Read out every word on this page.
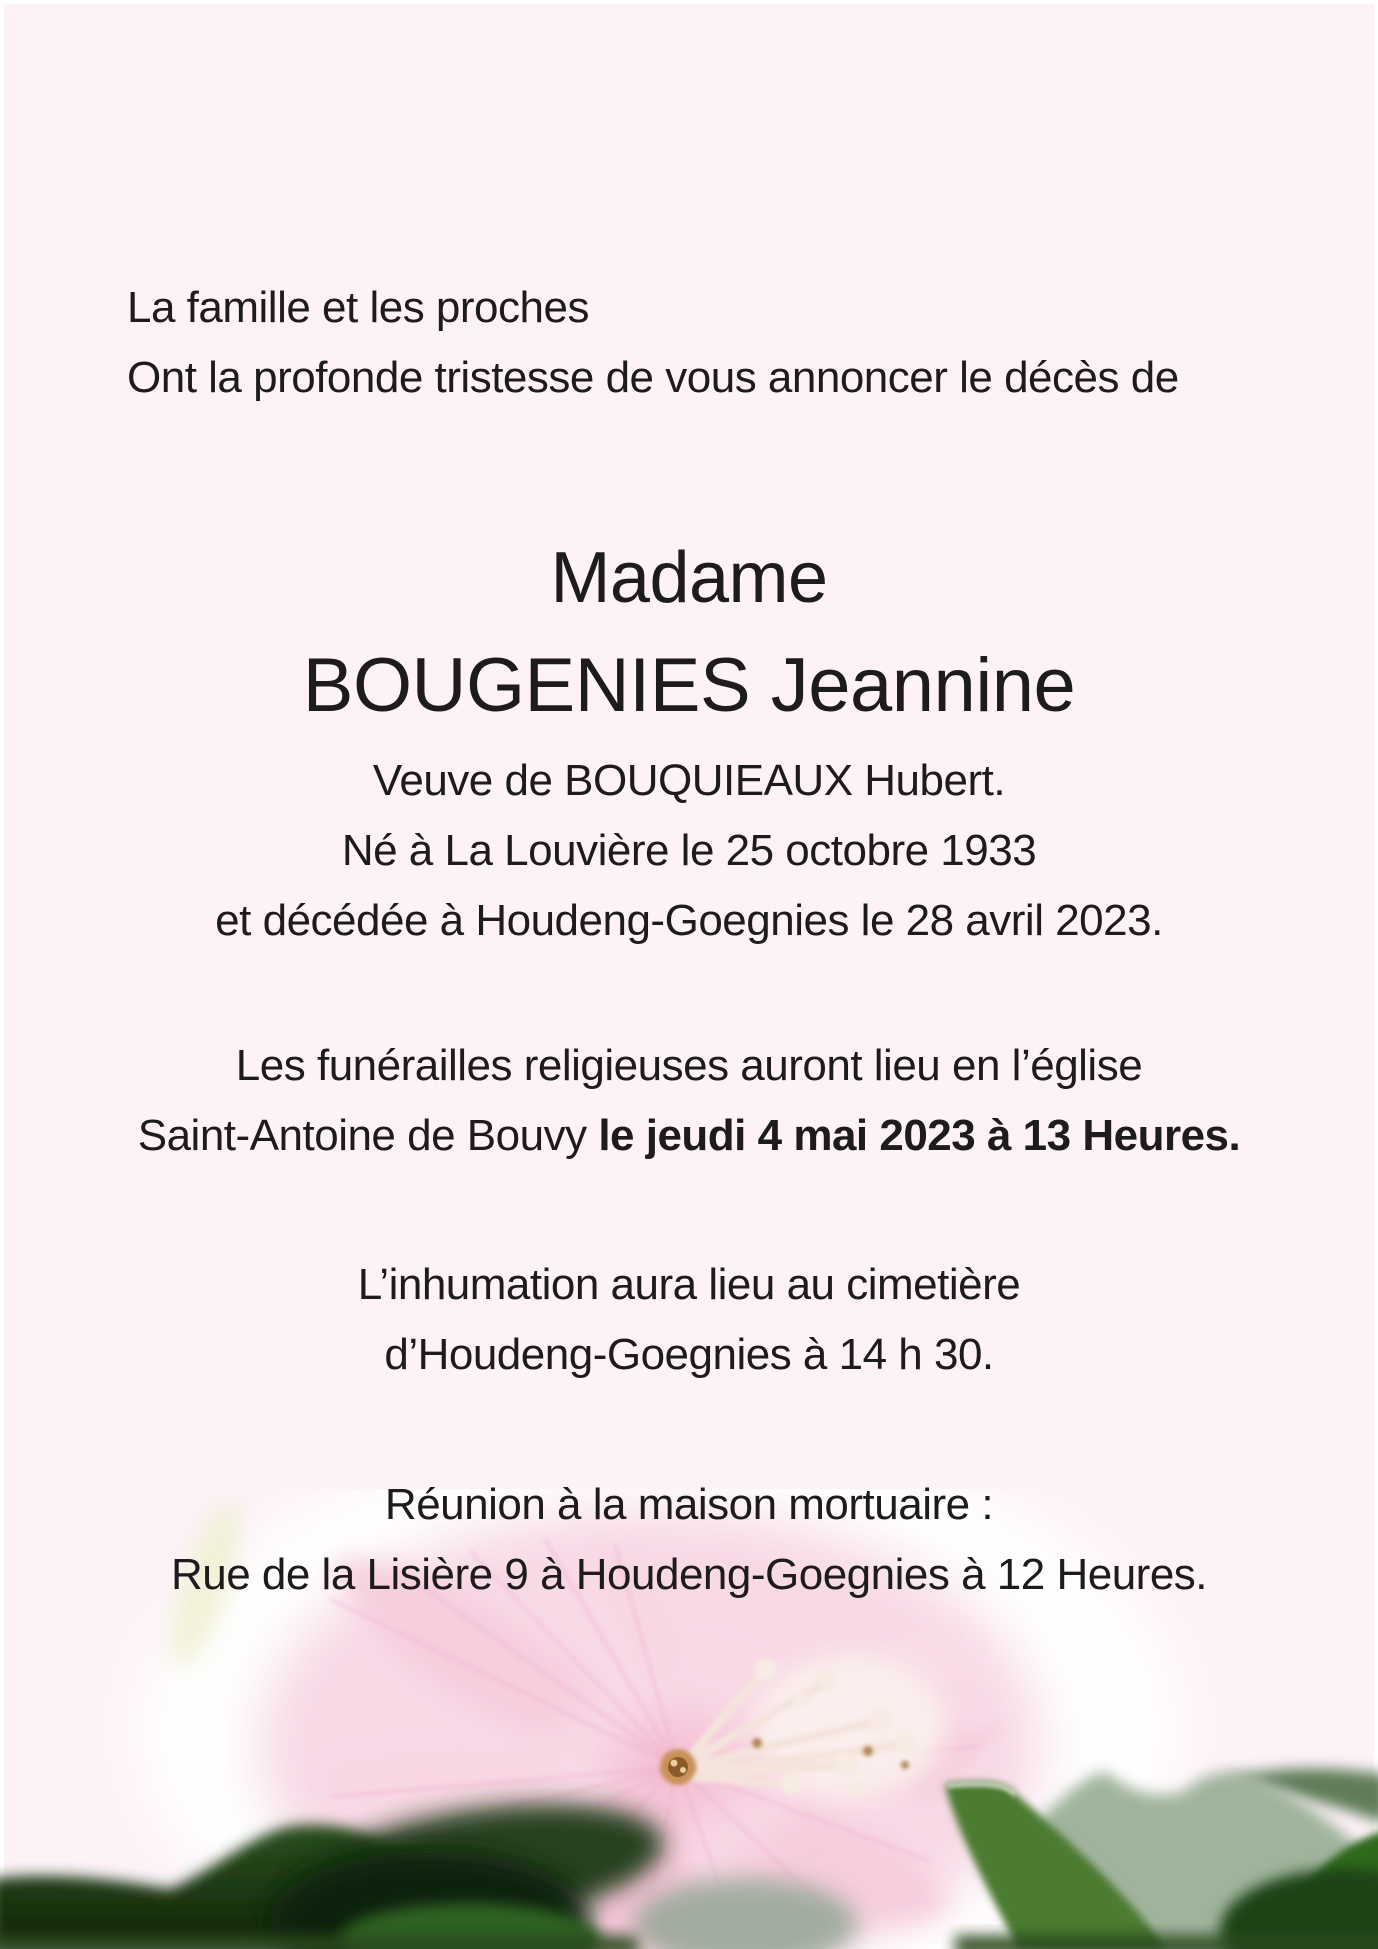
La famille et les proches
Ont la profonde tristesse de vous annoncer le décès de
Madame
BOUGENIES Jeannine
Veuve de BOUQUIEAUX Hubert.
Né à La Louvière le 25 octobre 1933
et décédée à Houdeng-Goegnies le 28 avril 2023.
Les funérailles religieuses auront lieu en l’église
Saint-Antoine de Bouvy le jeudi 4 mai 2023 à 13 Heures.
L’inhumation aura lieu au cimetière
d’Houdeng-Goegnies à 14 h 30.
Réunion à la maison mortuaire :
Rue de la Lisière 9 à Houdeng-Goegnies à 12 Heures.
